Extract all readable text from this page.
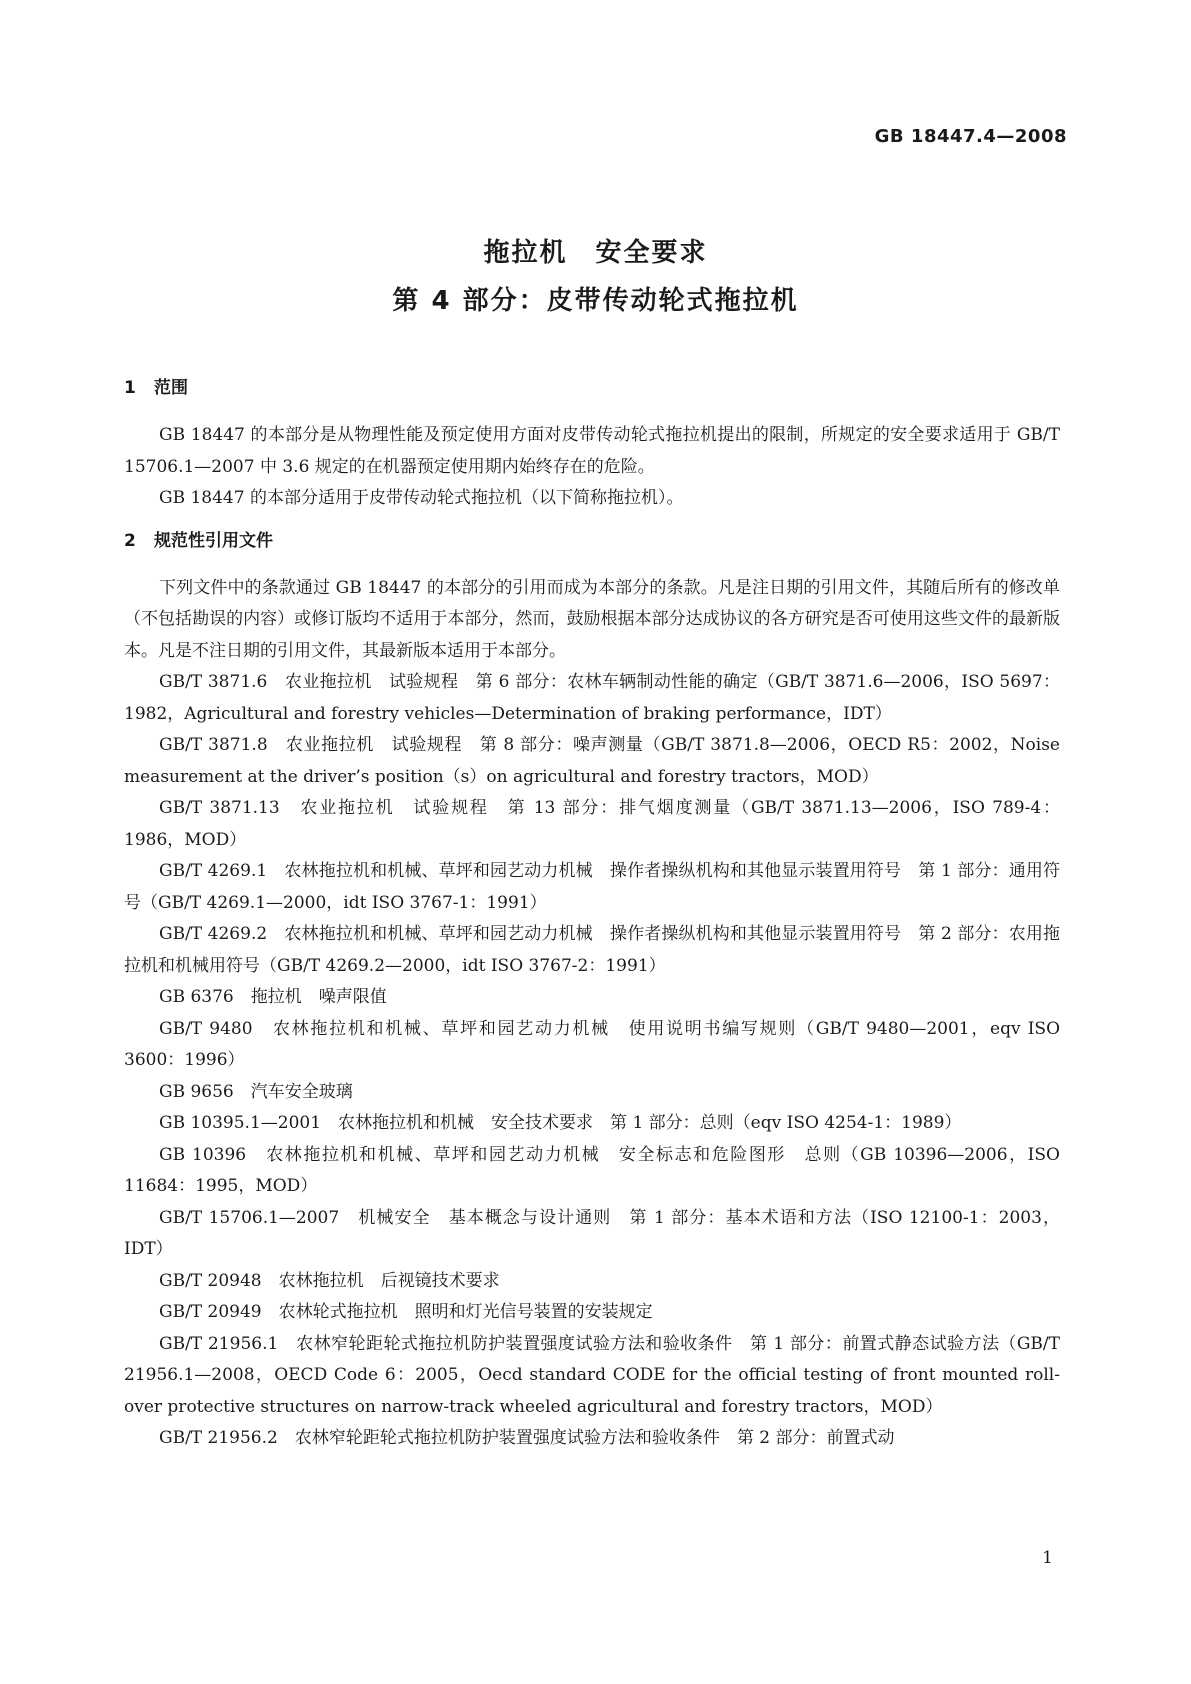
GB 18447.4—2008
拖拉机　安全要求
第 4 部分：皮带传动轮式拖拉机
1 范围

GB 18447 的本部分是从物理性能及预定使用方面对皮带传动轮式拖拉机提出的限制，所规定的安全要求适用于 GB/T 15706.1—2007 中 3.6 规定的在机器预定使用期内始终存在的危险。

GB 18447 的本部分适用于皮带传动轮式拖拉机（以下简称拖拉机）。

2 规范性引用文件

下列文件中的条款通过 GB 18447 的本部分的引用而成为本部分的条款。凡是注日期的引用文件，其随后所有的修改单（不包括勘误的内容）或修订版均不适用于本部分，然而，鼓励根据本部分达成协议的各方研究是否可使用这些文件的最新版本。凡是不注日期的引用文件，其最新版本适用于本部分。

GB/T 3871.6　农业拖拉机　试验规程　第 6 部分：农林车辆制动性能的确定（GB/T 3871.6—2006，ISO 5697：1982，Agricultural and forestry vehicles—Determination of braking performance，IDT）

GB/T 3871.8　农业拖拉机　试验规程　第 8 部分：噪声测量（GB/T 3871.8—2006，OECD R5：2002，Noise measurement at the driver’s position（s）on agricultural and forestry tractors，MOD）

GB/T 3871.13　农业拖拉机　试验规程　第 13 部分：排气烟度测量（GB/T 3871.13—2006，ISO 789-4：1986，MOD）

GB/T 4269.1　农林拖拉机和机械、草坪和园艺动力机械　操作者操纵机构和其他显示装置用符号　第 1 部分：通用符号（GB/T 4269.1—2000，idt ISO 3767-1：1991）

GB/T 4269.2　农林拖拉机和机械、草坪和园艺动力机械　操作者操纵机构和其他显示装置用符号　第 2 部分：农用拖拉机和机械用符号（GB/T 4269.2—2000，idt ISO 3767-2：1991）

GB 6376　拖拉机　噪声限值

GB/T 9480　农林拖拉机和机械、草坪和园艺动力机械　使用说明书编写规则（GB/T 9480—2001，eqv ISO 3600：1996）

GB 9656　汽车安全玻璃

GB 10395.1—2001　农林拖拉机和机械　安全技术要求　第 1 部分：总则（eqv ISO 4254-1：1989）

GB 10396　农林拖拉机和机械、草坪和园艺动力机械　安全标志和危险图形　总则（GB 10396—2006，ISO 11684：1995，MOD）

GB/T 15706.1—2007　机械安全　基本概念与设计通则　第 1 部分：基本术语和方法（ISO 12100-1：2003，IDT）

GB/T 20948　农林拖拉机　后视镜技术要求

GB/T 20949　农林轮式拖拉机　照明和灯光信号装置的安装规定

GB/T 21956.1　农林窄轮距轮式拖拉机防护装置强度试验方法和验收条件　第 1 部分：前置式静态试验方法（GB/T 21956.1—2008，OECD Code 6：2005，Oecd standard CODE for the official testing of front mounted roll-over protective structures on narrow-track wheeled agricultural and forestry tractors，MOD）

GB/T 21956.2　农林窄轮距轮式拖拉机防护装置强度试验方法和验收条件　第 2 部分：前置式动

1
